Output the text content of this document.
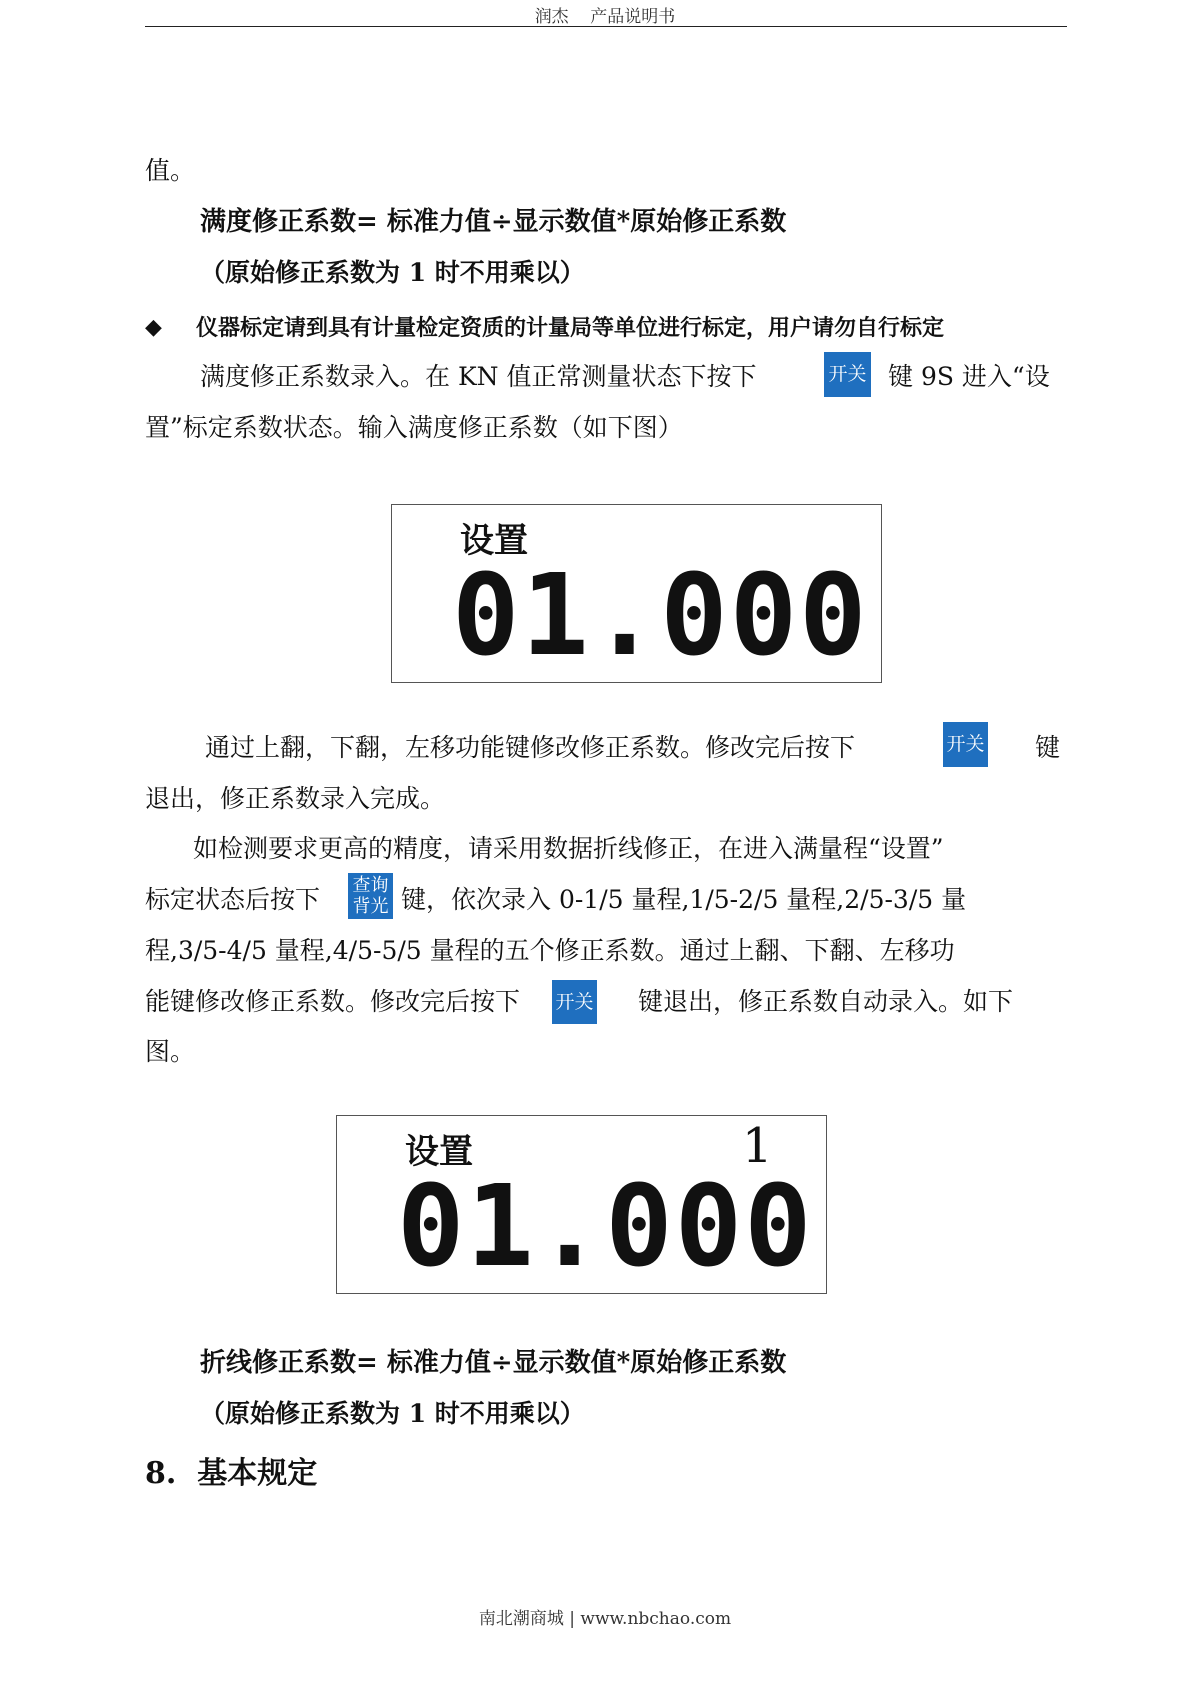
润杰    产品说明书
值。
满度修正系数= 标准力值÷显示数值*原始修正系数
（原始修正系数为 1 时不用乘以）
◆ 仪器标定请到具有计量检定资质的计量局等单位进行标定，用户请勿自行标定
满度修正系数录入。在 KN 值正常测量状态下按下	开关 键 9S 进入“设
置”标定系数状态。输入满度修正系数（如下图）
设置
01.000
通过上翻，下翻，左移功能键修改修正系数。修改完后按下	开关 键
退出，修正系数录入完成。
如检测要求更高的精度，请采用数据折线修正，在进入满量程“设置”
标定状态后按下 查询
背光 键，依次录入 0-1/5 量程,1/5-2/5 量程,2/5-3/5 量
程,3/5-4/5 量程,4/5-5/5 量程的五个修正系数。通过上翻、下翻、左移功
能键修改修正系数。修改完后按下 开关 键退出，修正系数自动录入。如下
图。
设置	1
01.000
折线修正系数= 标准力值÷显示数值*原始修正系数
（原始修正系数为 1 时不用乘以）
8.  基本规定
南北潮商城 | www.nbchao.com
